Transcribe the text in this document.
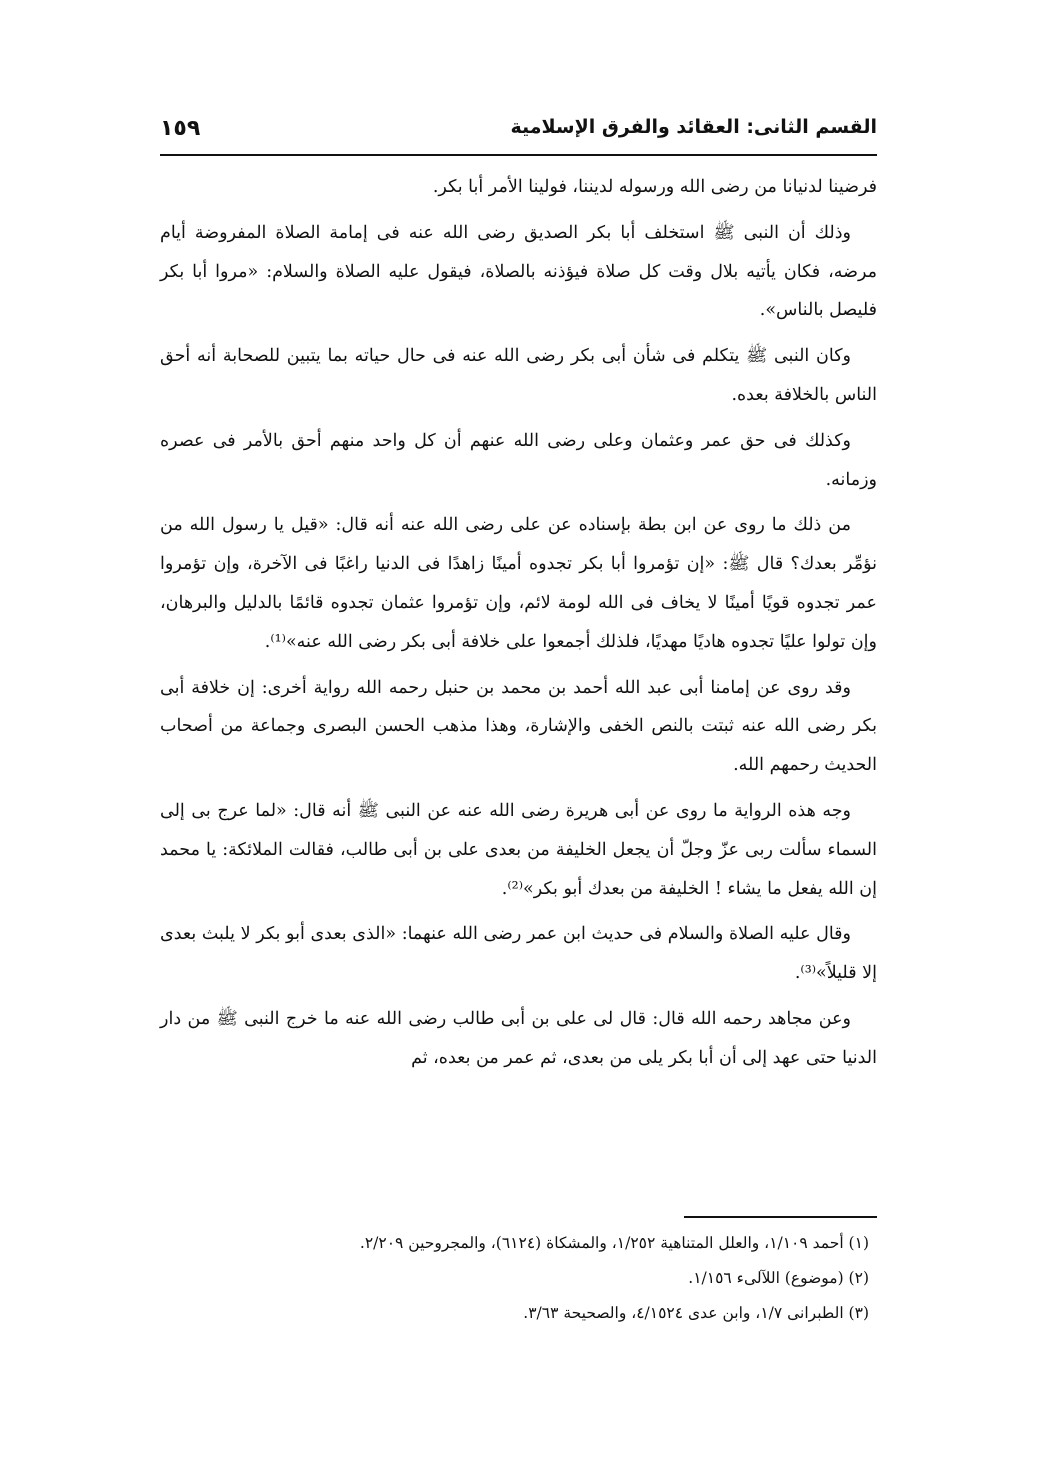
القسم الثانى: العقائد والفرق الإسلامية
١٥٩

فرضينا لدنيانا من رضى الله ورسوله لديننا، فولينا الأمر أبا بكر.

وذلك أن النبى ﷺ استخلف أبا بكر الصديق رضى الله عنه فى إمامة الصلاة المفروضة أيام مرضه، فكان يأتيه بلال وقت كل صلاة فيؤذنه بالصلاة، فيقول عليه الصلاة والسلام: «مروا أبا بكر فليصل بالناس».

وكان النبى ﷺ يتكلم فى شأن أبى بكر رضى الله عنه فى حال حياته بما يتبين للصحابة أنه أحق الناس بالخلافة بعده.

وكذلك فى حق عمر وعثمان وعلى رضى الله عنهم أن كل واحد منهم أحق بالأمر فى عصره وزمانه.

من ذلك ما روى عن ابن بطة بإسناده عن على رضى الله عنه أنه قال: «قيل يا رسول الله من نؤمِّر بعدك؟ قال ﷺ: «إن تؤمروا أبا بكر تجدوه أمينًا زاهدًا فى الدنيا راغبًا فى الآخرة، وإن تؤمروا عمر تجدوه قويًا أمينًا لا يخاف فى الله لومة لائم، وإن تؤمروا عثمان تجدوه قائمًا بالدليل والبرهان، وإن تولوا عليًا تجدوه هاديًا مهديًا، فلذلك أجمعوا على خلافة أبى بكر رضى الله عنه»⁽¹⁾.

وقد روى عن إمامنا أبى عبد الله أحمد بن محمد بن حنبل رحمه الله رواية أخرى: إن خلافة أبى بكر رضى الله عنه ثبتت بالنص الخفى والإشارة، وهذا مذهب الحسن البصرى وجماعة من أصحاب الحديث رحمهم الله.

وجه هذه الرواية ما روى عن أبى هريرة رضى الله عنه عن النبى ﷺ أنه قال: «لما عرج بى إلى السماء سألت ربى عزّ وجلّ أن يجعل الخليفة من بعدى على بن أبى طالب، فقالت الملائكة: يا محمد إن الله يفعل ما يشاء ! الخليفة من بعدك أبو بكر»⁽²⁾.

وقال عليه الصلاة والسلام فى حديث ابن عمر رضى الله عنهما: «الذى بعدى أبو بكر لا يلبث بعدى إلا قليلاً»⁽³⁾.

وعن مجاهد رحمه الله قال: قال لى على بن أبى طالب رضى الله عنه ما خرج النبى ﷺ من دار الدنيا حتى عهد إلى أن أبا بكر يلى من بعدى، ثم عمر من بعده، ثم

(١) أحمد ١/١٠٩، والعلل المتناهية ١/٢٥٢، والمشكاة (٦١٢٤)، والمجروحين ٢/٢٠٩.

(٢) (موضوع) اللآلىء ١/١٥٦.

(٣) الطبرانى ١/٧، وابن عدى ٤/١٥٢٤، والصحيحة ٣/٦٣.
